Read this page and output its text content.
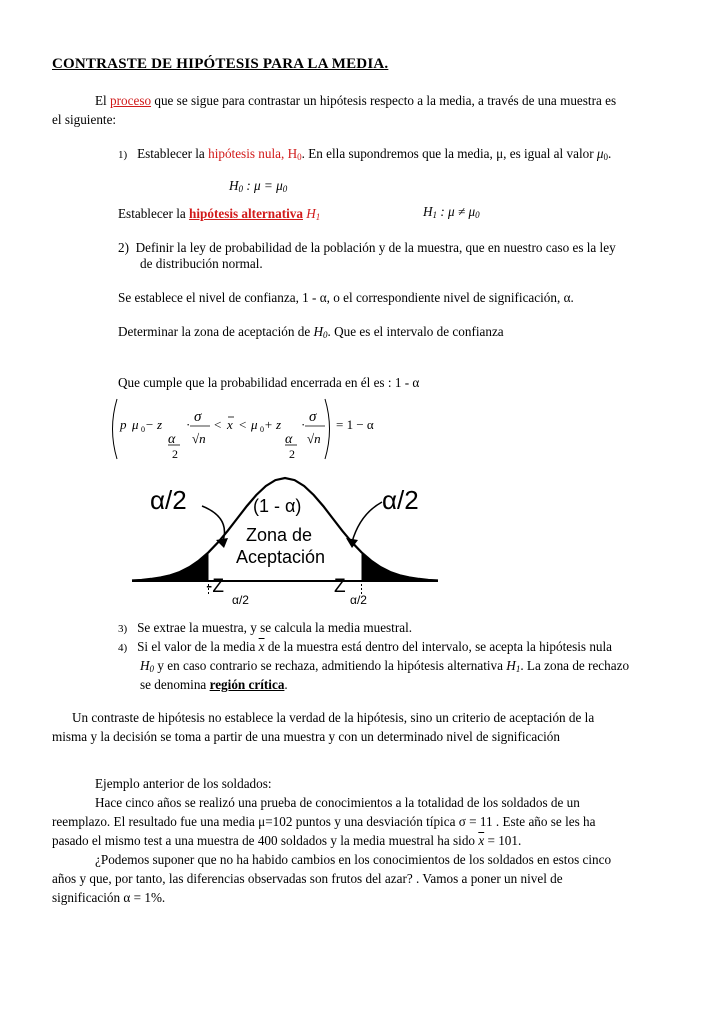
CONTRASTE DE HIPÓTESIS PARA LA MEDIA.
El proceso que se sigue para contrastar un hipótesis respecto a la media, a través de una muestra es
el siguiente:
1) Establecer la hipótesis nula, $H_0$. En ella supondremos que la media, μ, es igual al valor $\mu_0$.
$H_0$ : $\mu = \mu_0$
Establecer la hipótesis alternativa $H_1$	$H_1$ : $\mu \ne \mu_0$
2) Definir la ley de probabilidad de la población y de la muestra, que en nuestro caso es la ley
de distribución normal.
Se establece el nivel de confianza, 1 - α, o el correspondiente nivel de significación, α.
Determinar la zona de aceptación de $H_0$. Que es el intervalo de confianza
Que cumple que la probabilidad encerrada en él es : 1 - α
p μ 0 − z
α
2
· σ
√n
< x < μ 0 + z
α
2
· σ
√n
= 1 − α
α/2	α/2
(1 - α)
Zona de
Aceptación
-Z
α/2
Z
α/2
3) Se extrae la muestra, y se calcula la media muestral.
4) Si el valor de la media $\overline{x}$ de la muestra está dentro del intervalo, se acepta la hipótesis nula
$H_0$ y en caso contrario se rechaza, admitiendo la hipótesis alternativa $H_1$. La zona de rechazo
se denomina región crítica.
Un contraste de hipótesis no establece la verdad de la hipótesis, sino un criterio de aceptación de la
misma y la decisión se toma a partir de una muestra y con un determinado nivel de significación
Ejemplo anterior de los soldados:
Hace cinco años se realizó una prueba de conocimientos a la totalidad de los soldados de un
reemplazo. El resultado fue una media μ=102 puntos y una desviación típica σ = 11 . Este año se les ha
pasado el mismo test a una muestra de 400 soldados y la media muestral ha sido $\overline{x} = 101$.
¿Podemos suponer que no ha habido cambios en los conocimientos de los soldados en estos cinco
años y que, por tanto, las diferencias observadas son frutos del azar? . Vamos a poner un nivel de
significación α = 1%.
